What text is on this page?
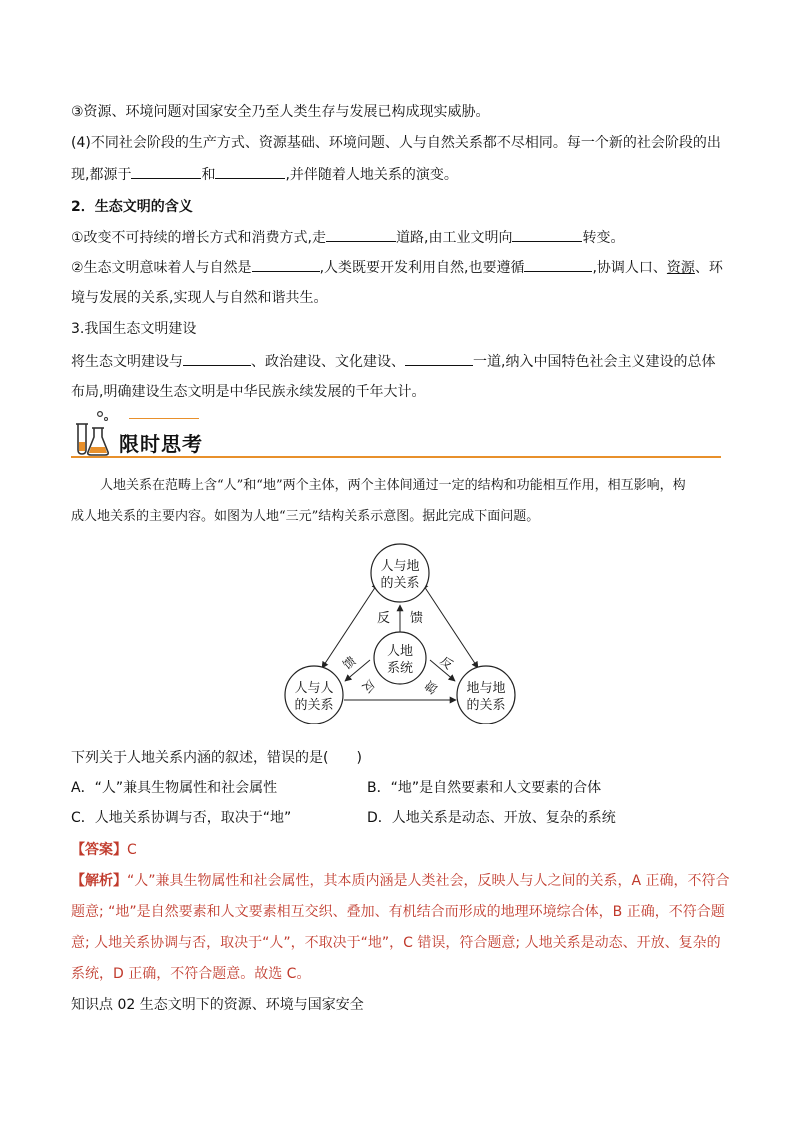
③资源、环境问题对国家安全乃至人类生存与发展已构成现实威胁。
(4)不同社会阶段的生产方式、资源基础、环境问题、人与自然关系都不尽相同。每一个新的社会阶段的出
现,都源于	和	,并伴随着人地关系的演变。
2．生态文明的含义
①改变不可持续的增长方式和消费方式,走	道路,由工业文明向	转变。
②生态文明意味着人与自然是	,人类既要开发利用自然,也要遵循	,协调人口、资源、环
境与发展的关系,实现人与自然和谐共生。
3.我国生态文明建设
将生态文明建设与	、政治建设、文化建设、	一道,纳入中国特色社会主义建设的总体
布局,明确建设生态文明是中华民族永续发展的千年大计。
限时思考
人地关系在范畴上含“人”和“地”两个主体，两个主体间通过一定的结构和功能相互作用，相互影响，构
成人地关系的主要内容。如图为人地“三元”结构关系示意图。据此完成下面问题。
人与地
的关系
人地
系统
人与人
的关系
地与地
的关系
反 馈
馈
反
反
馈
下列关于人地关系内涵的叙述，错误的是(　　)
A．“人”兼具生物属性和社会属性	B．“地”是自然要素和人文要素的合体
C．人地关系协调与否，取决于“地”	D．人地关系是动态、开放、复杂的系统
【答案】C
【解析】“人”兼具生物属性和社会属性，其本质内涵是人类社会，反映人与人之间的关系，A 正确，不符合
题意; “地”是自然要素和人文要素相互交织、叠加、有机结合而形成的地理环境综合体，B 正确，不符合题
意; 人地关系协调与否，取决于“人”，不取决于“地”，C 错误，符合题意; 人地关系是动态、开放、复杂的
系统，D 正确，不符合题意。故选 C。
知识点 02 生态文明下的资源、环境与国家安全
